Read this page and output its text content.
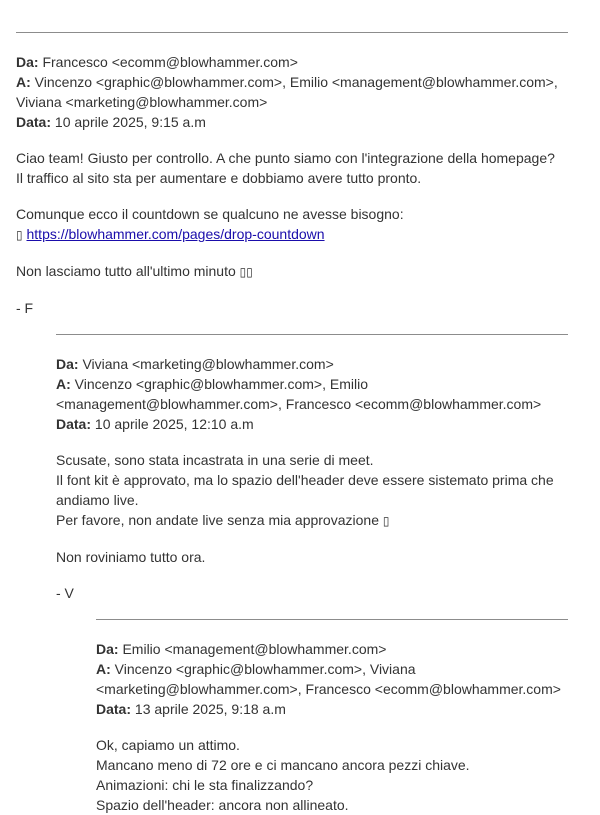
Da: Francesco <ecomm@blowhammer.com>
A: Vincenzo <graphic@blowhammer.com>, Emilio <management@blowhammer.com>, Viviana <marketing@blowhammer.com>
Data: 10 aprile 2025, 9:15 a.m

Ciao team! Giusto per controllo. A che punto siamo con l'integrazione della homepage?
Il traffico al sito sta per aumentare e dobbiamo avere tutto pronto.

Comunque ecco il countdown se qualcuno ne avesse bisogno:
▯ https://blowhammer.com/pages/drop-countdown

Non lasciamo tutto all'ultimo minuto ▯▯

- F

Da: Viviana <marketing@blowhammer.com>
A: Vincenzo <graphic@blowhammer.com>, Emilio <management@blowhammer.com>, Francesco <ecomm@blowhammer.com>
Data: 10 aprile 2025, 12:10 a.m

Scusate, sono stata incastrata in una serie di meet.
Il font kit è approvato, ma lo spazio dell'header deve essere sistemato prima che andiamo live.
Per favore, non andate live senza mia approvazione ▯

Non roviniamo tutto ora.

- V

Da: Emilio <management@blowhammer.com>
A: Vincenzo <graphic@blowhammer.com>, Viviana <marketing@blowhammer.com>, Francesco <ecomm@blowhammer.com>
Data: 13 aprile 2025, 9:18 a.m

Ok, capiamo un attimo.
Mancano meno di 72 ore e ci mancano ancora pezzi chiave.
Animazioni: chi le sta finalizzando?
Spazio dell'header: ancora non allineato.
